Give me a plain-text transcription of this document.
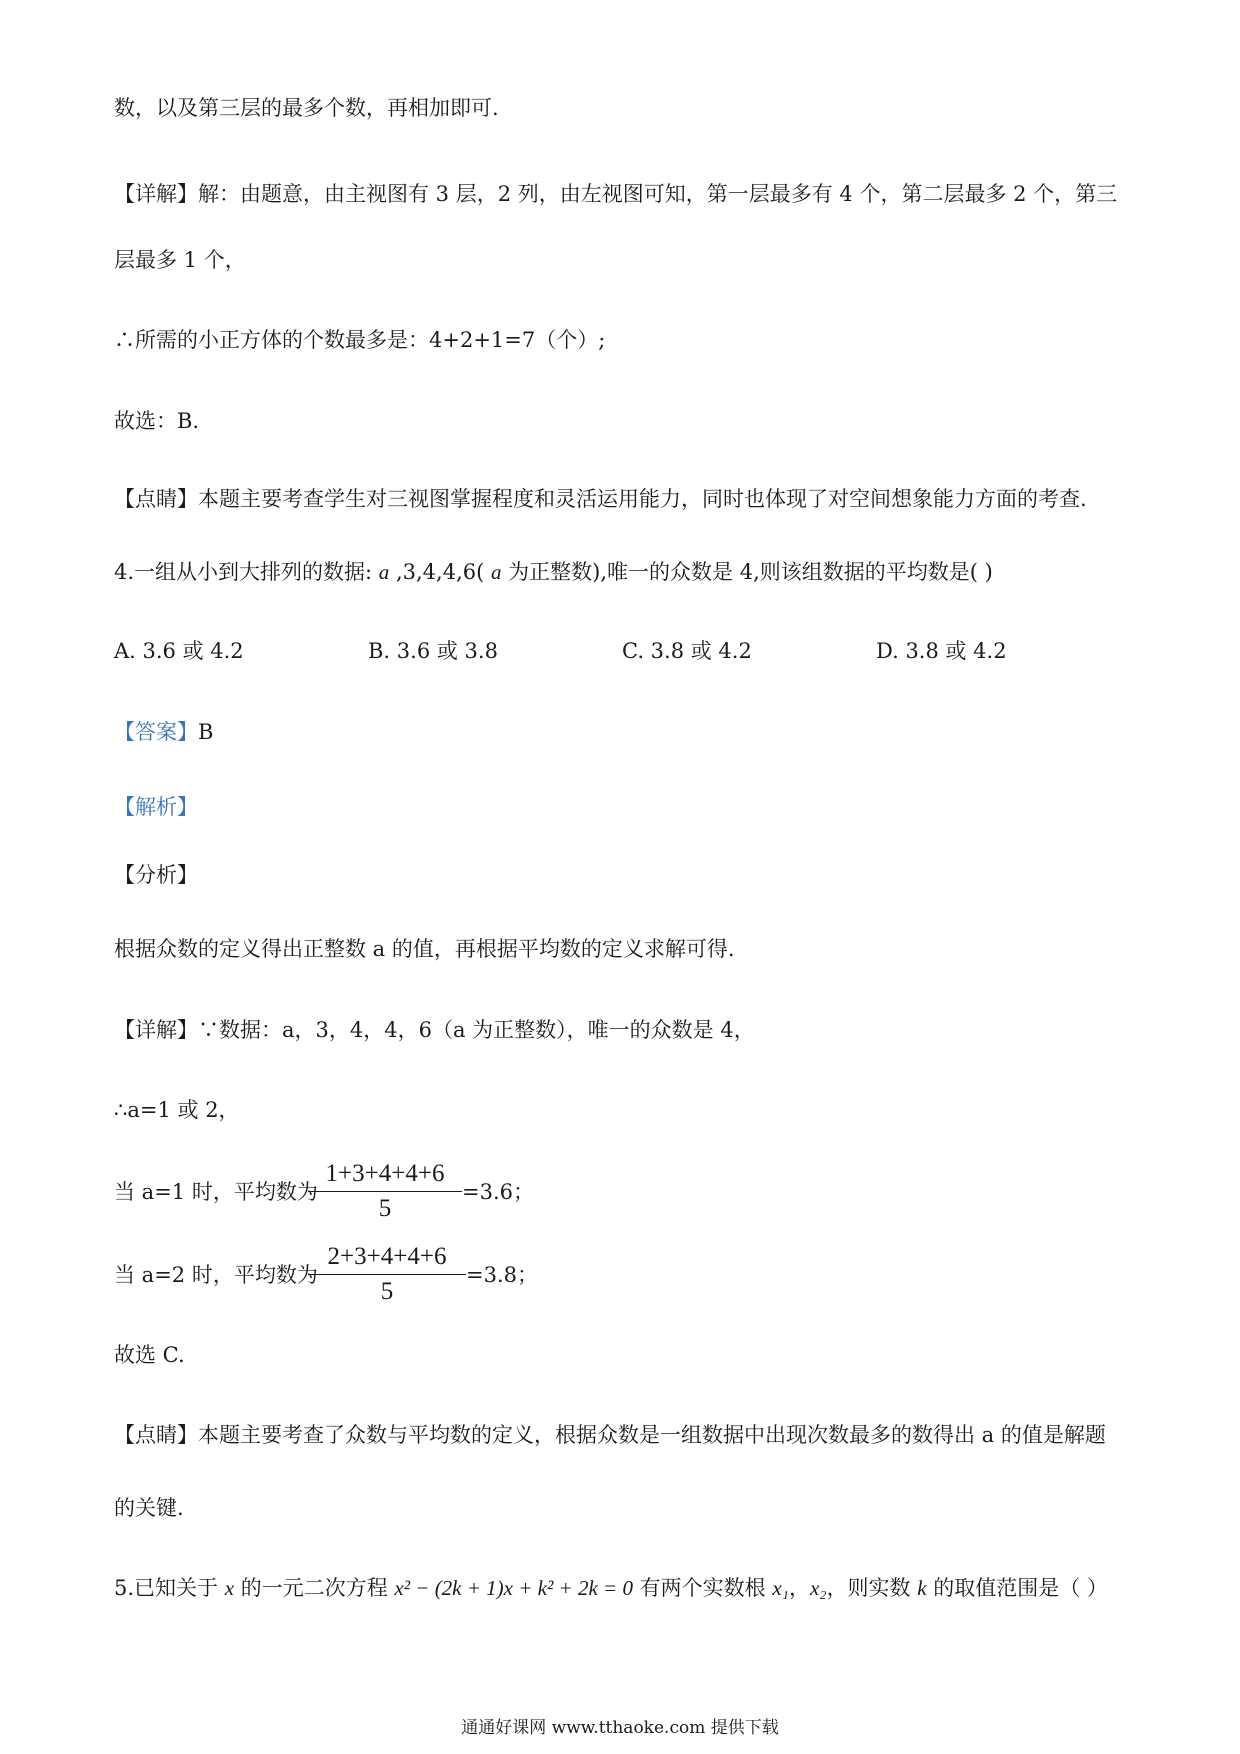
数，以及第三层的最多个数，再相加即可.
【详解】解：由题意，由主视图有 3 层，2 列，由左视图可知，第一层最多有 4 个，第二层最多 2 个，第三
层最多 1 个，
∴所需的小正方体的个数最多是：4+2+1=7（个）;
故选：B.
【点睛】本题主要考查学生对三视图掌握程度和灵活运用能力，同时也体现了对空间想象能力方面的考查.
4.一组从小到大排列的数据: a ,3,4,4,6( a 为正整数),唯一的众数是 4,则该组数据的平均数是( )
A. 3.6 或 4.2	B. 3.6 或 3.8	C. 3.8 或 4.2	D. 3.8 或 4.2
【答案】B
【解析】
【分析】
根据众数的定义得出正整数 a 的值，再根据平均数的定义求解可得.
【详解】∵数据：a，3，4，4，6（a 为正整数），唯一的众数是 4，
∴a=1 或 2，
当 a=1 时，平均数为
1+3+4+4+6
5
=3.6；
当 a=2 时，平均数为
2+3+4+4+6
5
=3.8；
故选 C.
【点睛】本题主要考查了众数与平均数的定义，根据众数是一组数据中出现次数最多的数得出 a 的值是解题
的关键.
5.已知关于 x 的一元二次方程 x² − (2k + 1)x + k² + 2k = 0 有两个实数根 x₁，x₂，则实数 k 的取值范围是（ ）
通通好课网 www.tthaoke.com 提供下载
